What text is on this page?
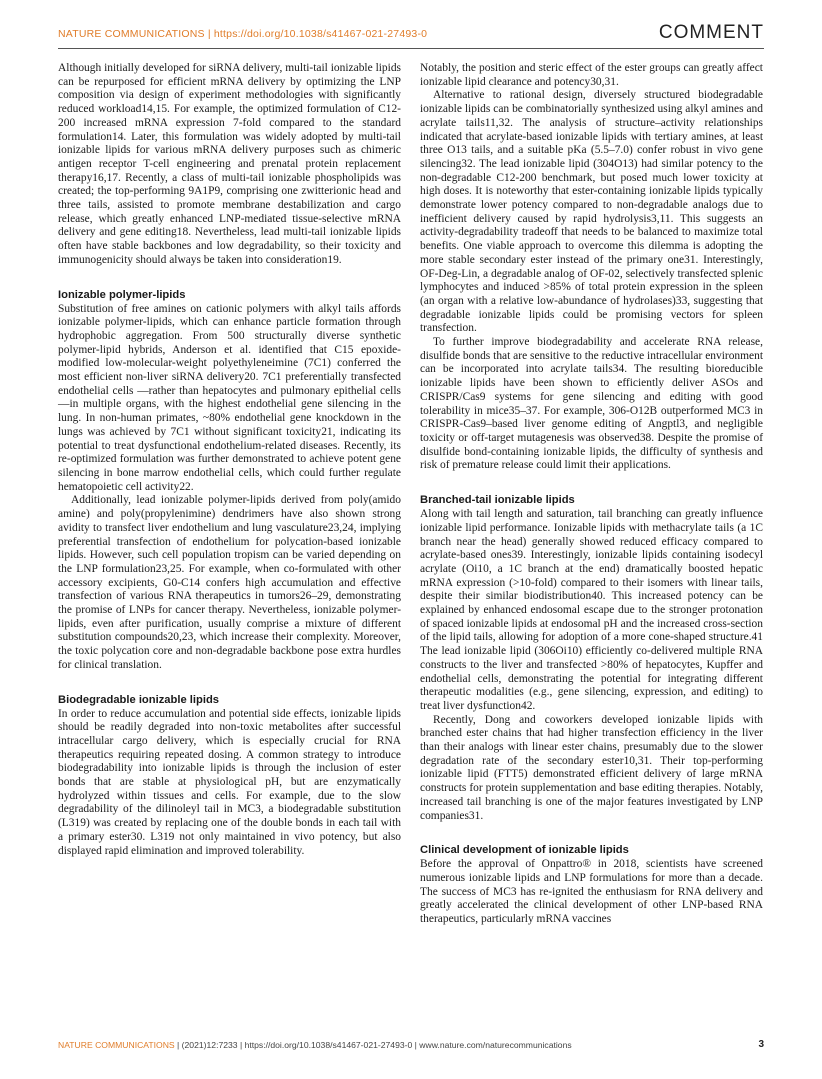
NATURE COMMUNICATIONS | https://doi.org/10.1038/s41467-021-27493-0	COMMENT

Although initially developed for siRNA delivery, multi-tail ionizable lipids can be repurposed for efficient mRNA delivery by optimizing the LNP composition via design of experiment methodologies with significantly reduced workload14,15. For example, the optimized formulation of C12-200 increased mRNA expression 7-fold compared to the standard formulation14. Later, this formulation was widely adopted by multi-tail ionizable lipids for various mRNA delivery purposes such as chimeric antigen receptor T-cell engineering and prenatal protein replacement therapy16,17. Recently, a class of multi-tail ionizable phospholipids was created; the top-performing 9A1P9, comprising one zwitterionic head and three tails, assisted to promote membrane destabilization and cargo release, which greatly enhanced LNP-mediated tissue-selective mRNA delivery and gene editing18. Nevertheless, lead multi-tail ionizable lipids often have stable backbones and low degradability, so their toxicity and immunogenicity should always be taken into consideration19.

Ionizable polymer-lipids

Substitution of free amines on cationic polymers with alkyl tails affords ionizable polymer-lipids, which can enhance particle formation through hydrophobic aggregation. From 500 structurally diverse synthetic polymer-lipid hybrids, Anderson et al. identified that C15 epoxide-modified low-molecular-weight polyethyleneimine (7C1) conferred the most efficient non-liver siRNA delivery20. 7C1 preferentially transfected endothelial cells —rather than hepatocytes and pulmonary epithelial cells—in multiple organs, with the highest endothelial gene silencing in the lung. In non-human primates, ~80% endothelial gene knockdown in the lungs was achieved by 7C1 without significant toxicity21, indicating its potential to treat dysfunctional endothelium-related diseases. Recently, its re-optimized formulation was further demonstrated to achieve potent gene silencing in bone marrow endothelial cells, which could further regulate hematopoietic cell activity22.

Additionally, lead ionizable polymer-lipids derived from poly(amido amine) and poly(propylenimine) dendrimers have also shown strong avidity to transfect liver endothelium and lung vasculature23,24, implying preferential transfection of endothelium for polycation-based ionizable lipids. However, such cell population tropism can be varied depending on the LNP formulation23,25. For example, when co-formulated with other accessory excipients, G0-C14 confers high accumulation and effective transfection of various RNA therapeutics in tumors26–29, demonstrating the promise of LNPs for cancer therapy. Nevertheless, ionizable polymer-lipids, even after purification, usually comprise a mixture of different substitution compounds20,23, which increase their complexity. Moreover, the toxic polycation core and non-degradable backbone pose extra hurdles for clinical translation.

Biodegradable ionizable lipids

In order to reduce accumulation and potential side effects, ionizable lipids should be readily degraded into non-toxic metabolites after successful intracellular cargo delivery, which is especially crucial for RNA therapeutics requiring repeated dosing. A common strategy to introduce biodegradability into ionizable lipids is through the inclusion of ester bonds that are stable at physiological pH, but are enzymatically hydrolyzed within tissues and cells. For example, due to the slow degradability of the dilinoleyl tail in MC3, a biodegradable substitution (L319) was created by replacing one of the double bonds in each tail with a primary ester30. L319 not only maintained in vivo potency, but also displayed rapid elimination and improved tolerability.

Notably, the position and steric effect of the ester groups can greatly affect ionizable lipid clearance and potency30,31.

Alternative to rational design, diversely structured biodegradable ionizable lipids can be combinatorially synthesized using alkyl amines and acrylate tails11,32. The analysis of structure–activity relationships indicated that acrylate-based ionizable lipids with tertiary amines, at least three O13 tails, and a suitable pKa (5.5–7.0) confer robust in vivo gene silencing32. The lead ionizable lipid (304O13) had similar potency to the non-degradable C12-200 benchmark, but posed much lower toxicity at high doses. It is noteworthy that ester-containing ionizable lipids typically demonstrate lower potency compared to non-degradable analogs due to inefficient delivery caused by rapid hydrolysis3,11. This suggests an activity-degradability tradeoff that needs to be balanced to maximize total benefits. One viable approach to overcome this dilemma is adopting the more stable secondary ester instead of the primary one31. Interestingly, OF-Deg-Lin, a degradable analog of OF-02, selectively transfected splenic lymphocytes and induced >85% of total protein expression in the spleen (an organ with a relative low-abundance of hydrolases)33, suggesting that degradable ionizable lipids could be promising vectors for spleen transfection.

To further improve biodegradability and accelerate RNA release, disulfide bonds that are sensitive to the reductive intracellular environment can be incorporated into acrylate tails34. The resulting bioreducible ionizable lipids have been shown to efficiently deliver ASOs and CRISPR/Cas9 systems for gene silencing and editing with good tolerability in mice35–37. For example, 306-O12B outperformed MC3 in CRISPR-Cas9–based liver genome editing of Angptl3, and negligible toxicity or off-target mutagenesis was observed38. Despite the promise of disulfide bond-containing ionizable lipids, the difficulty of synthesis and risk of premature release could limit their applications.

Branched-tail ionizable lipids

Along with tail length and saturation, tail branching can greatly influence ionizable lipid performance. Ionizable lipids with methacrylate tails (a 1C branch near the head) generally showed reduced efficacy compared to acrylate-based ones39. Interestingly, ionizable lipids containing isodecyl acrylate (Oi10, a 1C branch at the end) dramatically boosted hepatic mRNA expression (>10-fold) compared to their isomers with linear tails, despite their similar biodistribution40. This increased potency can be explained by enhanced endosomal escape due to the stronger protonation of spaced ionizable lipids at endosomal pH and the increased cross-section of the lipid tails, allowing for adoption of a more cone-shaped structure.41 The lead ionizable lipid (306Oi10) efficiently co-delivered multiple RNA constructs to the liver and transfected >80% of hepatocytes, Kupffer and endothelial cells, demonstrating the potential for integrating different therapeutic modalities (e.g., gene silencing, expression, and editing) to treat liver dysfunction42.

Recently, Dong and coworkers developed ionizable lipids with branched ester chains that had higher transfection efficiency in the liver than their analogs with linear ester chains, presumably due to the slower degradation rate of the secondary ester10,31. Their top-performing ionizable lipid (FTT5) demonstrated efficient delivery of large mRNA constructs for protein supplementation and base editing therapies. Notably, increased tail branching is one of the major features investigated by LNP companies31.

Clinical development of ionizable lipids

Before the approval of Onpattro® in 2018, scientists have screened numerous ionizable lipids and LNP formulations for more than a decade. The success of MC3 has re-ignited the enthusiasm for RNA delivery and greatly accelerated the clinical development of other LNP-based RNA therapeutics, particularly mRNA vaccines

NATURE COMMUNICATIONS | (2021)12:7233 | https://doi.org/10.1038/s41467-021-27493-0 | www.nature.com/naturecommunications	3
